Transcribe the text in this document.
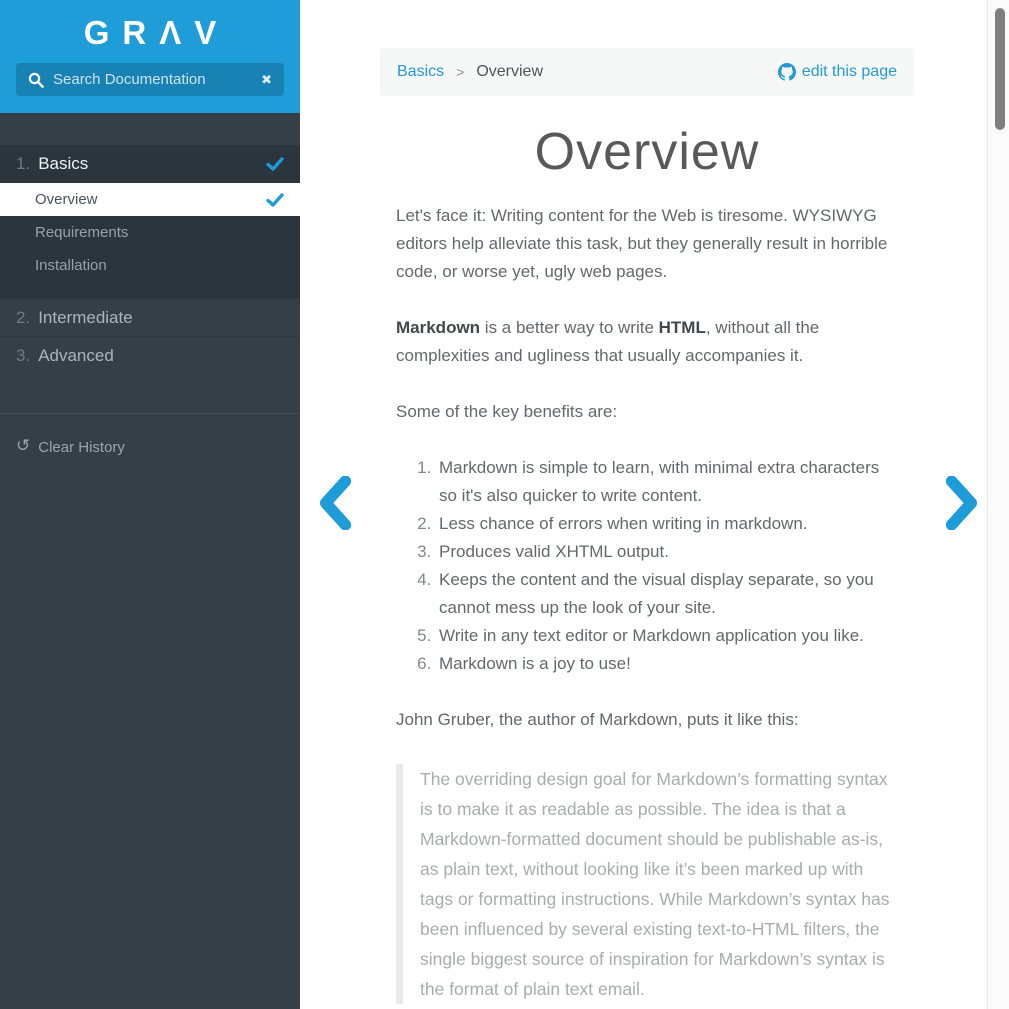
GRΛV
Search Documentation
✖
1. Basics
Overview
Requirements
Installation
2. Intermediate
3. Advanced
↺ Clear History
Basics > Overview	edit this page
Overview

Let's face it: Writing content for the Web is tiresome. WYSIWYG editors help alleviate this task, but they generally result in horrible code, or worse yet, ugly web pages.

Markdown is a better way to write HTML, without all the complexities and ugliness that usually accompanies it.

Some of the key benefits are:

1. Markdown is simple to learn, with minimal extra characters so it's also quicker to write content.
2. Less chance of errors when writing in markdown.
3. Produces valid XHTML output.
4. Keeps the content and the visual display separate, so you cannot mess up the look of your site.
5. Write in any text editor or Markdown application you like.
6. Markdown is a joy to use!

John Gruber, the author of Markdown, puts it like this:

The overriding design goal for Markdown’s formatting syntax is to make it as readable as possible. The idea is that a Markdown-formatted document should be publishable as-is, as plain text, without looking like it’s been marked up with tags or formatting instructions. While Markdown’s syntax has been influenced by several existing text-to-HTML filters, the single biggest source of inspiration for Markdown’s syntax is the format of plain text email.
